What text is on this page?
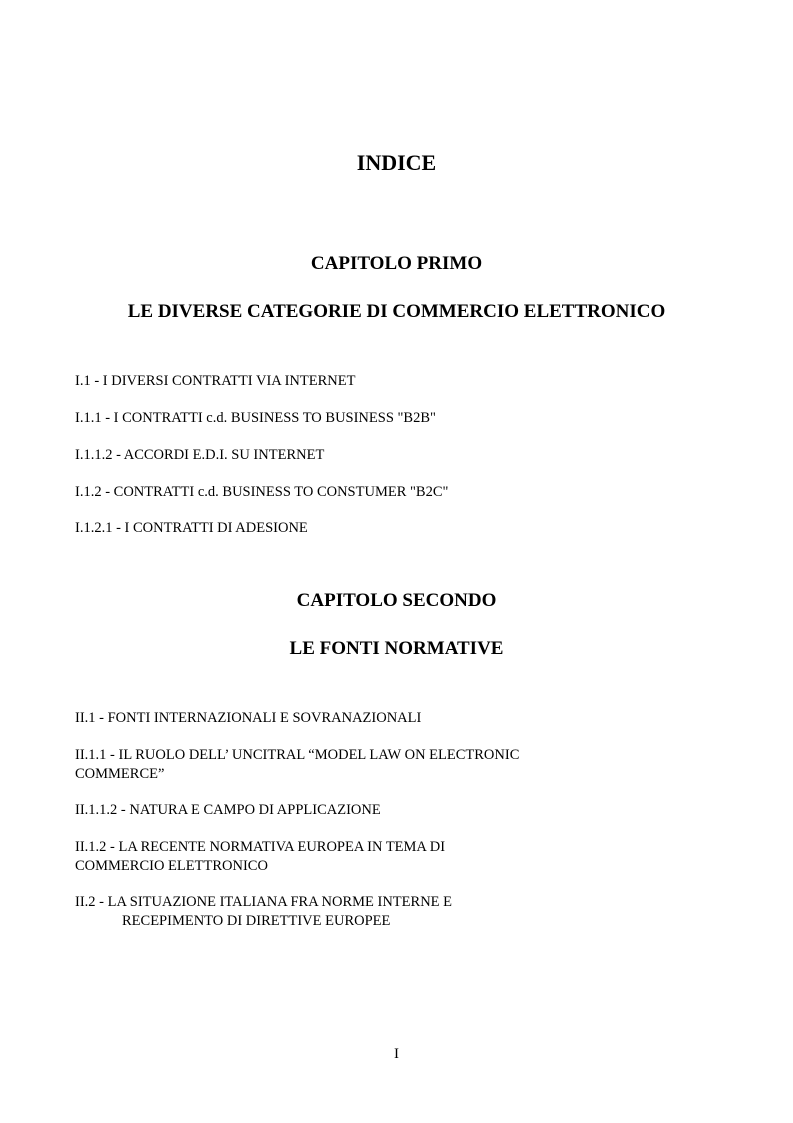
INDICE
CAPITOLO PRIMO
LE DIVERSE CATEGORIE DI COMMERCIO ELETTRONICO
I.1 - I DIVERSI CONTRATTI VIA INTERNET
I.1.1 - I CONTRATTI c.d. BUSINESS TO BUSINESS "B2B"
I.1.1.2 - ACCORDI E.D.I. SU INTERNET
I.1.2 - CONTRATTI c.d. BUSINESS TO CONSTUMER "B2C"
I.1.2.1 - I CONTRATTI DI ADESIONE
CAPITOLO SECONDO
LE FONTI NORMATIVE
II.1 - FONTI INTERNAZIONALI E SOVRANAZIONALI
II.1.1 - IL RUOLO DELL’ UNCITRAL “MODEL LAW ON ELECTRONIC
COMMERCE”
II.1.1.2 - NATURA E CAMPO DI APPLICAZIONE
II.1.2 - LA RECENTE NORMATIVA EUROPEA IN TEMA DI
COMMERCIO ELETTRONICO
II.2 - LA SITUAZIONE ITALIANA FRA NORME INTERNE E
RECEPIMENTO DI DIRETTIVE EUROPEE
I
